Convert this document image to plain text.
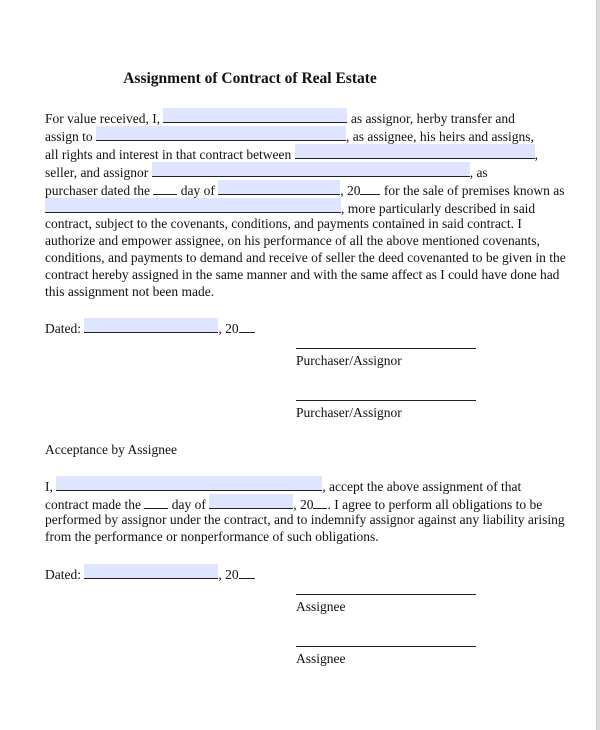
Assignment of Contract of Real Estate
For value received, I,	as assignor, herby transfer and
assign to	, as assignee, his heirs and assigns,
all rights and interest in that contract between	,
seller, and assignor	, as
purchaser dated the day of	, 20 for the sale of premises known as
, more particularly described in said
contract, subject to the covenants, conditions, and payments contained in said contract. I
authorize and empower assignee, on his performance of all the above mentioned covenants,
conditions, and payments to demand and receive of seller the deed covenanted to be given in the
contract hereby assigned in the same manner and with the same affect as I could have done had
this assignment not been made.
Dated:	, 20
Purchaser/Assignor
Purchaser/Assignor
Acceptance by Assignee
I,	, accept the above assignment of that
contract made the day of	, 20 . I agree to perform all obligations to be
performed by assignor under the contract, and to indemnify assignor against any liability arising
from the performance or nonperformance of such obligations.
Dated:	, 20
Assignee
Assignee
